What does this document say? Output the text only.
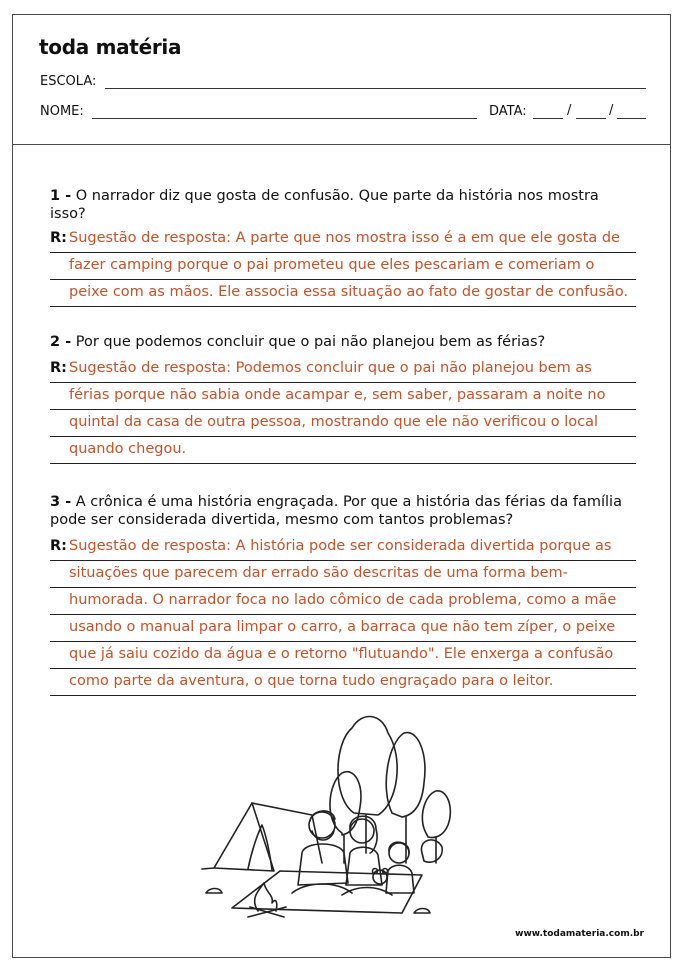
toda matéria
ESCOLA:
NOME:	DATA:	/	/
1 - O narrador diz que gosta de confusão. Que parte da história nos mostra isso?
R: Sugestão de resposta: A parte que nos mostra isso é a em que ele gosta de
fazer camping porque o pai prometeu que eles pescariam e comeriam o
peixe com as mãos. Ele associa essa situação ao fato de gostar de confusão.
2 - Por que podemos concluir que o pai não planejou bem as férias?
R: Sugestão de resposta: Podemos concluir que o pai não planejou bem as
férias porque não sabia onde acampar e, sem saber, passaram a noite no
quintal da casa de outra pessoa, mostrando que ele não verificou o local
quando chegou.
3 - A crônica é uma história engraçada. Por que a história das férias da família pode ser considerada divertida, mesmo com tantos problemas?
R: Sugestão de resposta: A história pode ser considerada divertida porque as
situações que parecem dar errado são descritas de uma forma bem-
humorada. O narrador foca no lado cômico de cada problema, como a mãe
usando o manual para limpar o carro, a barraca que não tem zíper, o peixe
que já saiu cozido da água e o retorno "flutuando". Ele enxerga a confusão
como parte da aventura, o que torna tudo engraçado para o leitor.
www.todamateria.com.br
